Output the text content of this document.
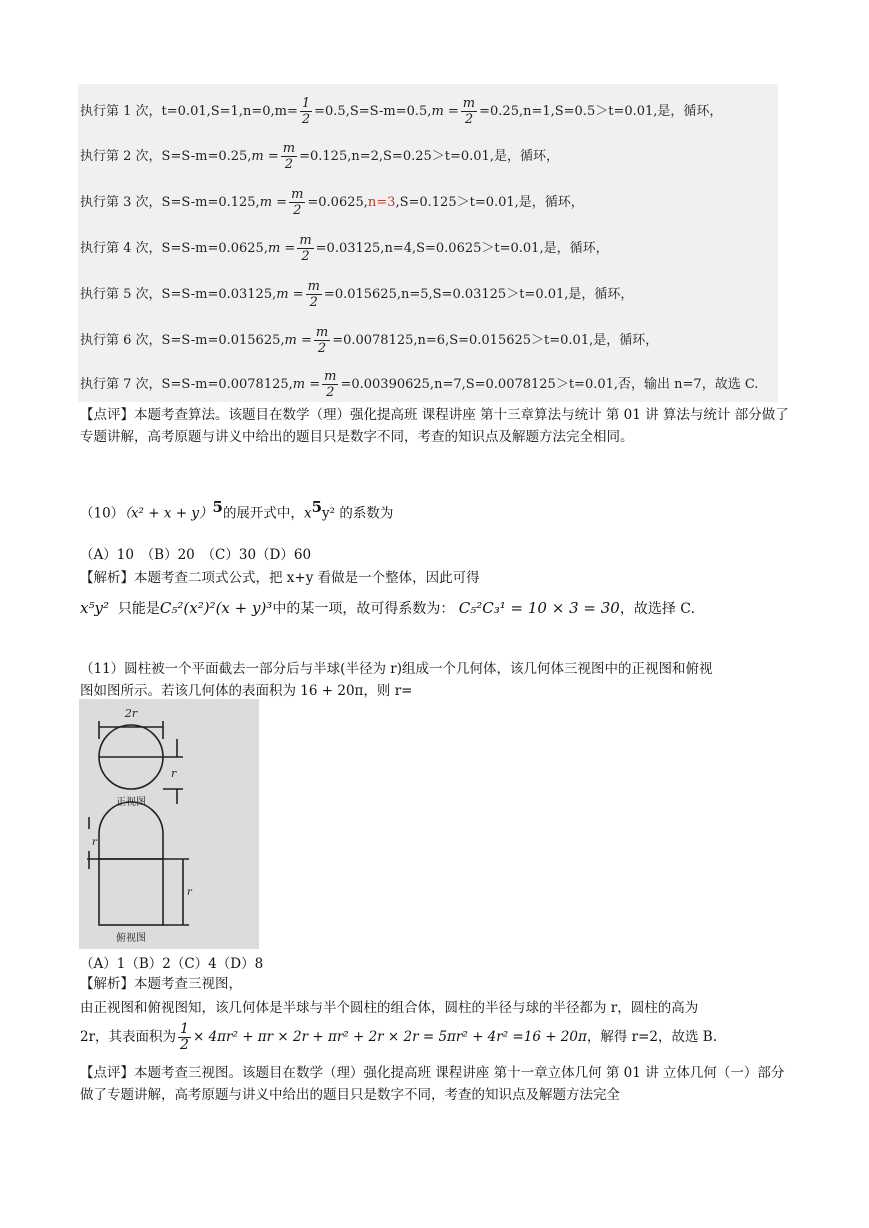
执行第 1 次，$t=0.01,S=1,n=0,m= \frac{1}{2} =0.5,S=S-m=0.5,m = \frac{m}{2} =0.25,n=1,S=0.5>t=0.01$,是，循环，
执行第 2 次，$S=S-m=0.25,m = \frac{m}{2} =0.125,n=2,S=0.25>t=0.01$,是，循环，
执行第 3 次，$S=S-m=0.125,m = \frac{m}{2} =0.0625,n=3,S=0.125>t=0.01$,是，循环，
执行第 4 次，$S=S-m=0.0625,m = \frac{m}{2} =0.03125,n=4,S=0.0625>t=0.01$,是，循环，
执行第 5 次，$S=S-m=0.03125,m = \frac{m}{2} =0.015625,n=5,S=0.03125>t=0.01$,是，循环，
执行第 6 次，$S=S-m=0.015625,m = \frac{m}{2} =0.0078125,n=6,S=0.015625>t=0.01$,是，循环，
执行第 7 次，$S=S-m=0.0078125,m = \frac{m}{2} =0.00390625,n=7,S=0.0078125>t=0.01$,否，输出 n=7，故选 C.
【点评】本题考查算法。该题目在数学（理）强化提高班 课程讲座 第十三章算法与统计 第 01 讲 算法与统计 部分做了专题讲解，高考原题与讲义中给出的题目只是数字不同，考查的知识点及解题方法完全相同。
$(10)(x^2 + x + y)^5$的展开式中，$x^5y^2$ 的系数为
（A）10　（B）20　（C）30（D）60
【解析】本题考查二项式公式，把 x+y 看做是一个整体，因此可得
x⁵y² 只能是C₅²(x²)²(x + y)³中的某一项，故可得系数为： C₅²C₃¹ = 10 × 3 = 30，故选择 C.
（11）圆柱被一个平面截去一部分后与半球(半径为 r)组成一个几何体，该几何体三视图中的正视图和俯视
图如图所示。若该几何体的表面积为 16 + 20π，则 r=
2r
r
正视图
r
r
俯视图
（A）1（B）2（C）4（D）8
【解析】本题考查三视图，
由正视图和俯视图知，该几何体是半球与半个圆柱的组合体，圆柱的半径与球的半径都为 r，圆柱的高为
2r，其表面积为 $\frac{1}{2} \times 4\pi r^2 + \pi r \times 2r + \pi r^2 + 2r \times 2r = 5\pi r^2 + 4r^2 =16 + 20\pi$，解得 r=2，故选 B.
【点评】本题考查三视图。该题目在数学（理）强化提高班 课程讲座 第十一章立体几何 第 01 讲 立体几何（一）部分做了专题讲解，高考原题与讲义中给出的题目只是数字不同，考查的知识点及解题方法完全
